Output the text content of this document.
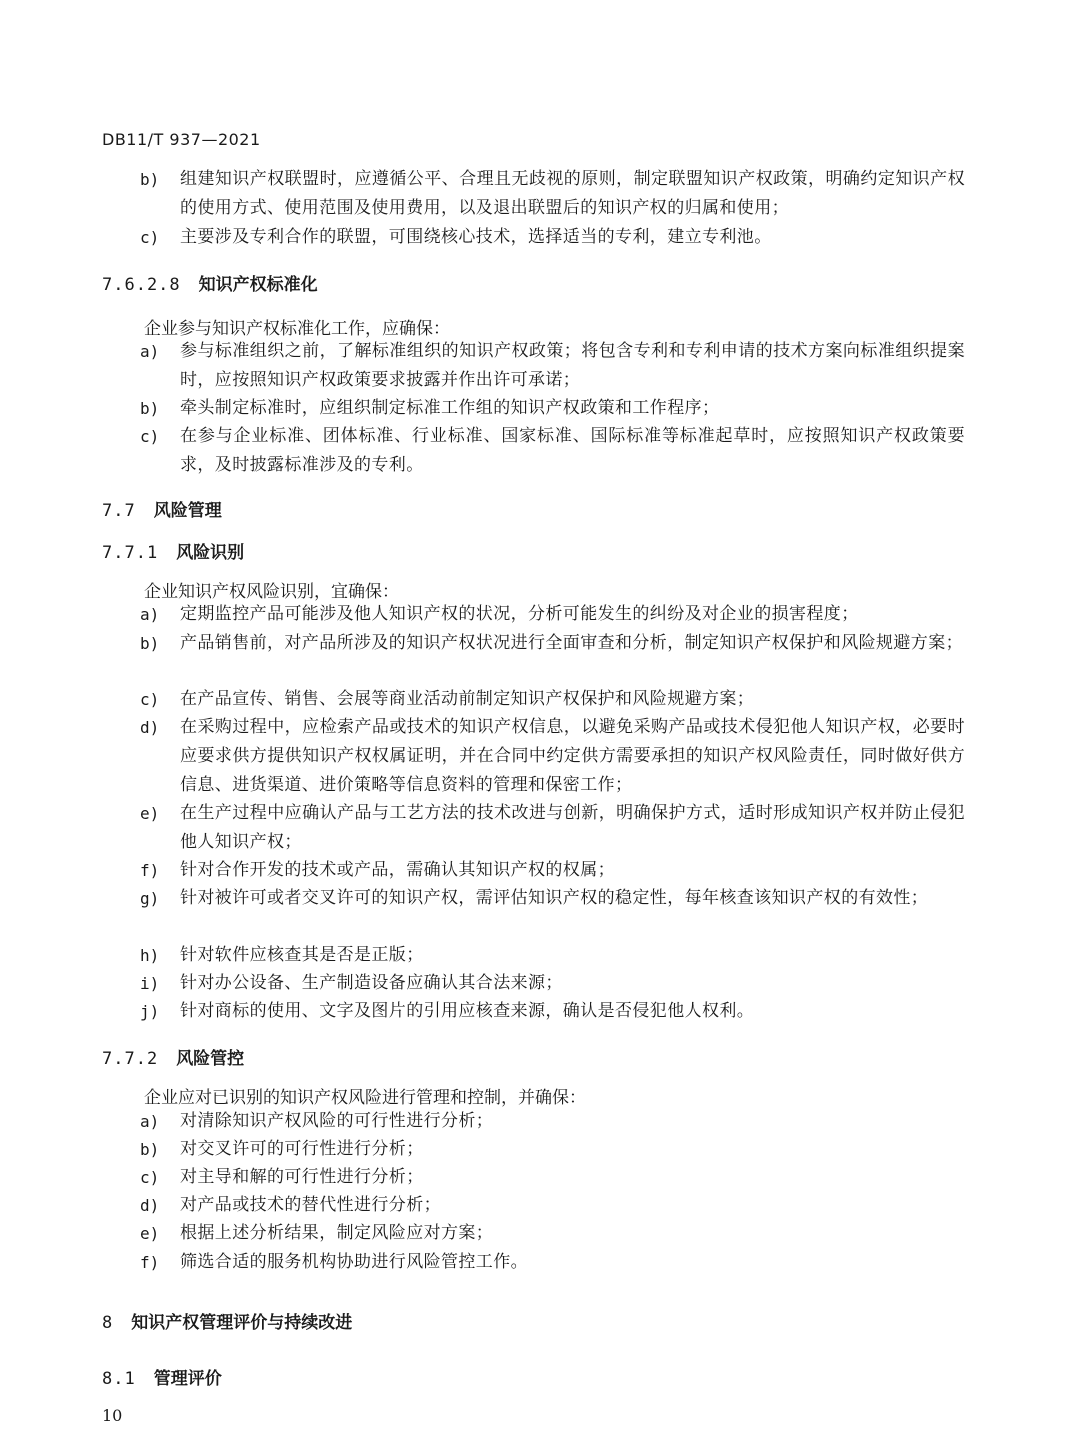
DB11/T 937—2021
b) 组建知识产权联盟时，应遵循公平、合理且无歧视的原则，制定联盟知识产权政策，明确约定知识产权的使用方式、使用范围及使用费用，以及退出联盟后的知识产权的归属和使用；
c) 主要涉及专利合作的联盟，可围绕核心技术，选择适当的专利，建立专利池。
7.6.2.8 知识产权标准化
企业参与知识产权标准化工作，应确保：
a) 参与标准组织之前，了解标准组织的知识产权政策；将包含专利和专利申请的技术方案向标准组织提案时，应按照知识产权政策要求披露并作出许可承诺；
b) 牵头制定标准时，应组织制定标准工作组的知识产权政策和工作程序；
c) 在参与企业标准、团体标准、行业标准、国家标准、国际标准等标准起草时，应按照知识产权政策要求，及时披露标准涉及的专利。
7.7 风险管理
7.7.1 风险识别
企业知识产权风险识别，宜确保：
a) 定期监控产品可能涉及他人知识产权的状况，分析可能发生的纠纷及对企业的损害程度；
b) 产品销售前，对产品所涉及的知识产权状况进行全面审查和分析，制定知识产权保护和风险规避方案；
c) 在产品宣传、销售、会展等商业活动前制定知识产权保护和风险规避方案；
d) 在采购过程中，应检索产品或技术的知识产权信息，以避免采购产品或技术侵犯他人知识产权，必要时应要求供方提供知识产权权属证明，并在合同中约定供方需要承担的知识产权风险责任，同时做好供方信息、进货渠道、进价策略等信息资料的管理和保密工作；
e) 在生产过程中应确认产品与工艺方法的技术改进与创新，明确保护方式，适时形成知识产权并防止侵犯他人知识产权；
f) 针对合作开发的技术或产品，需确认其知识产权的权属；
g) 针对被许可或者交叉许可的知识产权，需评估知识产权的稳定性，每年核查该知识产权的有效性；
h) 针对软件应核查其是否是正版；
i) 针对办公设备、生产制造设备应确认其合法来源；
j) 针对商标的使用、文字及图片的引用应核查来源，确认是否侵犯他人权利。
7.7.2 风险管控
企业应对已识别的知识产权风险进行管理和控制，并确保：
a) 对清除知识产权风险的可行性进行分析；
b) 对交叉许可的可行性进行分析；
c) 对主导和解的可行性进行分析；
d) 对产品或技术的替代性进行分析；
e) 根据上述分析结果，制定风险应对方案；
f) 筛选合适的服务机构协助进行风险管控工作。
8 知识产权管理评价与持续改进
8.1 管理评价
10
